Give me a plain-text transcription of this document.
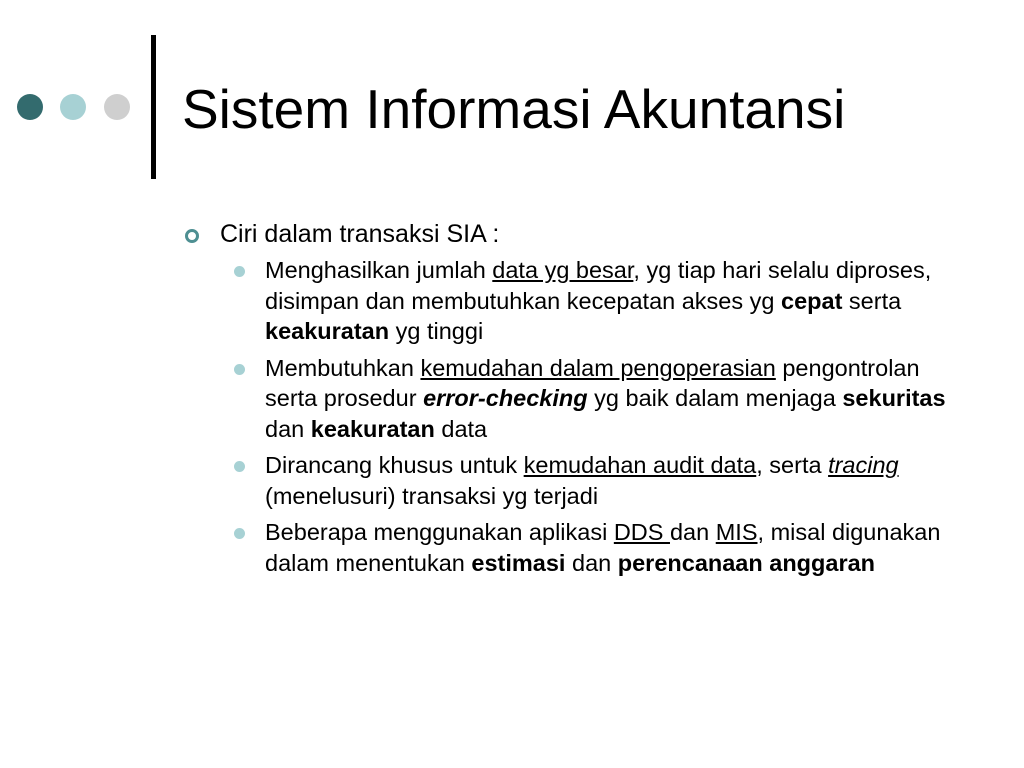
Sistem Informasi Akuntansi
Ciri dalam transaksi SIA :
Menghasilkan jumlah data yg besar, yg tiap hari selalu diproses, disimpan dan membutuhkan kecepatan akses yg cepat serta keakuratan yg tinggi
Membutuhkan kemudahan dalam pengoperasian pengontrolan serta prosedur error-checking yg baik dalam menjaga sekuritas dan keakuratan data
Dirancang khusus untuk kemudahan audit data, serta tracing (menelusuri) transaksi yg terjadi
Beberapa menggunakan aplikasi DDS dan MIS, misal digunakan dalam menentukan estimasi dan perencanaan anggaran
